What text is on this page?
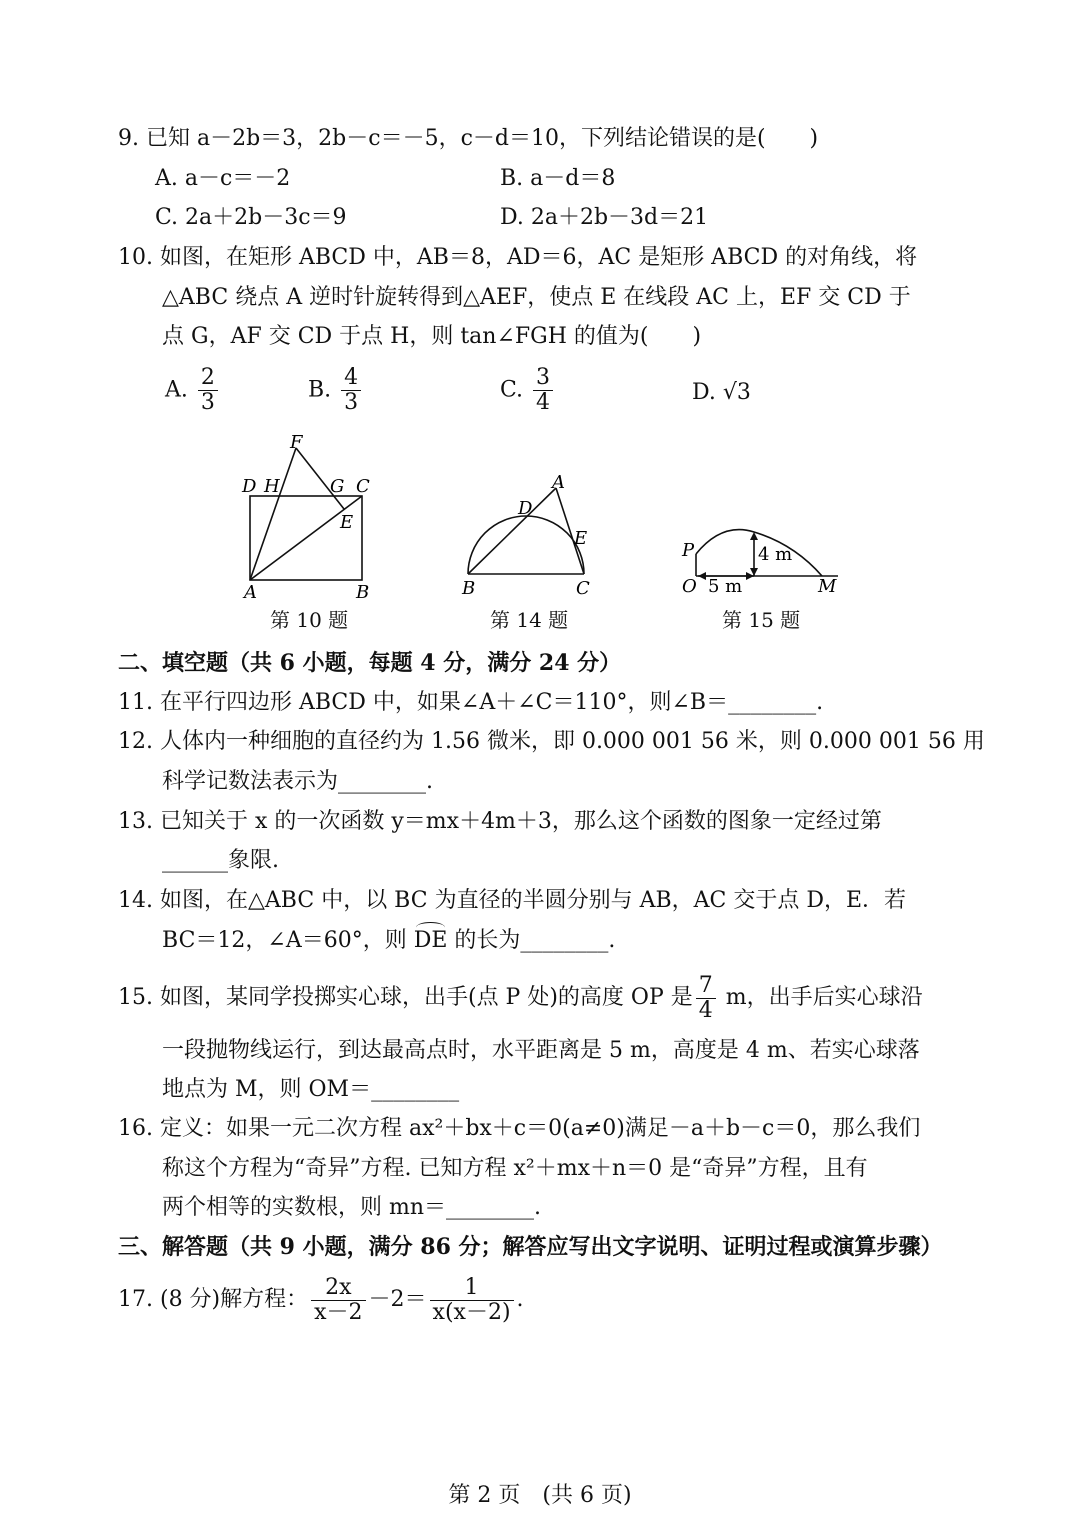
9. 已知 a－2b＝3，2b－c＝－5，c－d＝10，下列结论错误的是(　　)
A. a－c＝－2	B. a－d＝8
C. 2a＋2b－3c＝9	D. 2a＋2b－3d＝21
10. 如图，在矩形 ABCD 中，AB＝8，AD＝6，AC 是矩形 ABCD 的对角线，将
△ABC 绕点 A 逆时针旋转得到△AEF，使点 E 在线段 AC 上，EF 交 CD 于
点 G，AF 交 CD 于点 H，则 tan∠FGH 的值为(　　)
A. $\frac{2}{3}$	B. $\frac{4}{3}$	C. $\frac{3}{4}$	D. √3
F
D H	G C
E
A	B
第 10 题
A
D
E
B	C
第 14 题
P	4 m
O 5 m	M
第 15 题
二、填空题（共 6 小题，每题 4 分，满分 24 分）
11. 在平行四边形 ABCD 中，如果∠A＋∠C＝110°，则∠B＝________.
12. 人体内一种细胞的直径约为 1.56 微米，即 0.000 001 56 米，则 0.000 001 56 用
科学记数法表示为________.
13. 已知关于 x 的一次函数 y＝mx＋4m＋3，那么这个函数的图象一定经过第
______象限.
14. 如图，在△ABC 中，以 BC 为直径的半圆分别与 AB，AC 交于点 D，E．若
BC＝12，∠A＝60°，则 DE 的长为________.
15. 如图，某同学投掷实心球，出手(点 P 处)的高度 OP 是 $\frac{7}{4}$ m，出手后实心球沿
一段抛物线运行，到达最高点时，水平距离是 5 m，高度是 4 m、若实心球落
地点为 M，则 OM＝________
16. 定义：如果一元二次方程 ax²＋bx＋c＝0(a≠0)满足－a＋b－c＝0，那么我们
称这个方程为“奇异”方程. 已知方程 x²＋mx＋n＝0 是“奇异”方程，且有
两个相等的实数根，则 mn＝________.
三、解答题（共 9 小题，满分 86 分；解答应写出文字说明、证明过程或演算步骤）
17. (8 分)解方程： $\frac{2x}{x-2} -2= \frac{1}{x(x-2)}$ .
第 2 页　(共 6 页)
